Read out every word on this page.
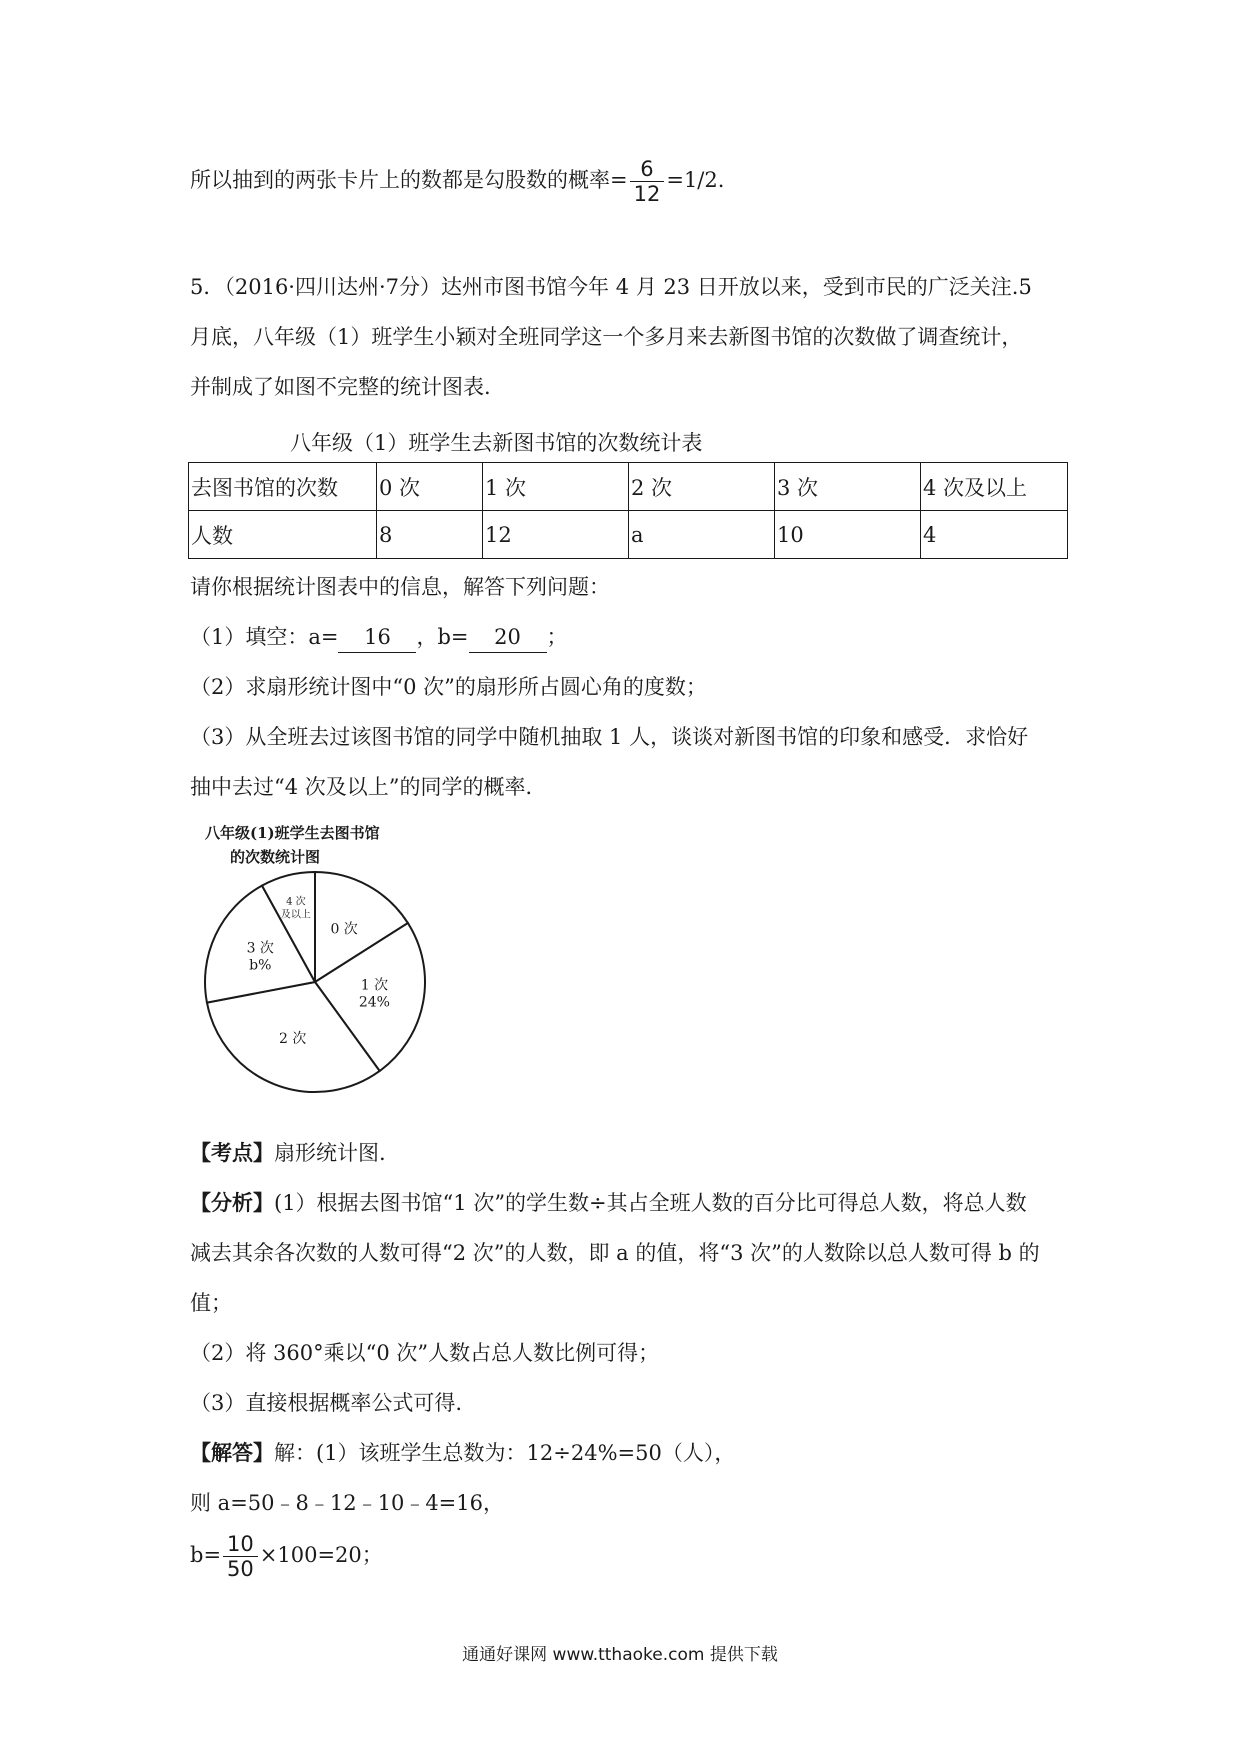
所以抽到的两张卡片上的数都是勾股数的概率= $\frac{6}{12} =1/2$.
5．（2016·四川达州·7分）达州市图书馆今年 4 月 23 日开放以来，受到市民的广泛关注.5
月底，八年级（1）班学生小颖对全班同学这一个多月来去新图书馆的次数做了调查统计，
并制成了如图不完整的统计图表.
八年级（1）班学生去新图书馆的次数统计表
去图书馆的次数	0 次	1 次	2 次	3 次	4 次及以上
人数	8	12	a	10	4
请你根据统计图表中的信息，解答下列问题：
（1）填空：a= 16 ，b= 20 ；
（2）求扇形统计图中“0 次”的扇形所占圆心角的度数；
（3）从全班去过该图书馆的同学中随机抽取 1 人，谈谈对新图书馆的印象和感受．求恰好
抽中去过“4 次及以上”的同学的概率．
八年级(1)班学生去图书馆
的次数统计图
0 次
1 次
24%
2 次
3 次
b%
4 次
及以上
【考点】扇形统计图.
【分析】(1）根据去图书馆“1 次”的学生数÷其占全班人数的百分比可得总人数，将总人数
减去其余各次数的人数可得“2 次”的人数，即 a 的值，将“3 次”的人数除以总人数可得 b 的
值；
（2）将 360°乘以“0 次”人数占总人数比例可得；
（3）直接根据概率公式可得.
【解答】解：(1）该班学生总数为：12÷24%=50（人），
则 a=50﹣8﹣12﹣10﹣4=16，
$b= \frac{10}{50} \times 100=20$；
通通好课网 www.tthaoke.com 提供下载
